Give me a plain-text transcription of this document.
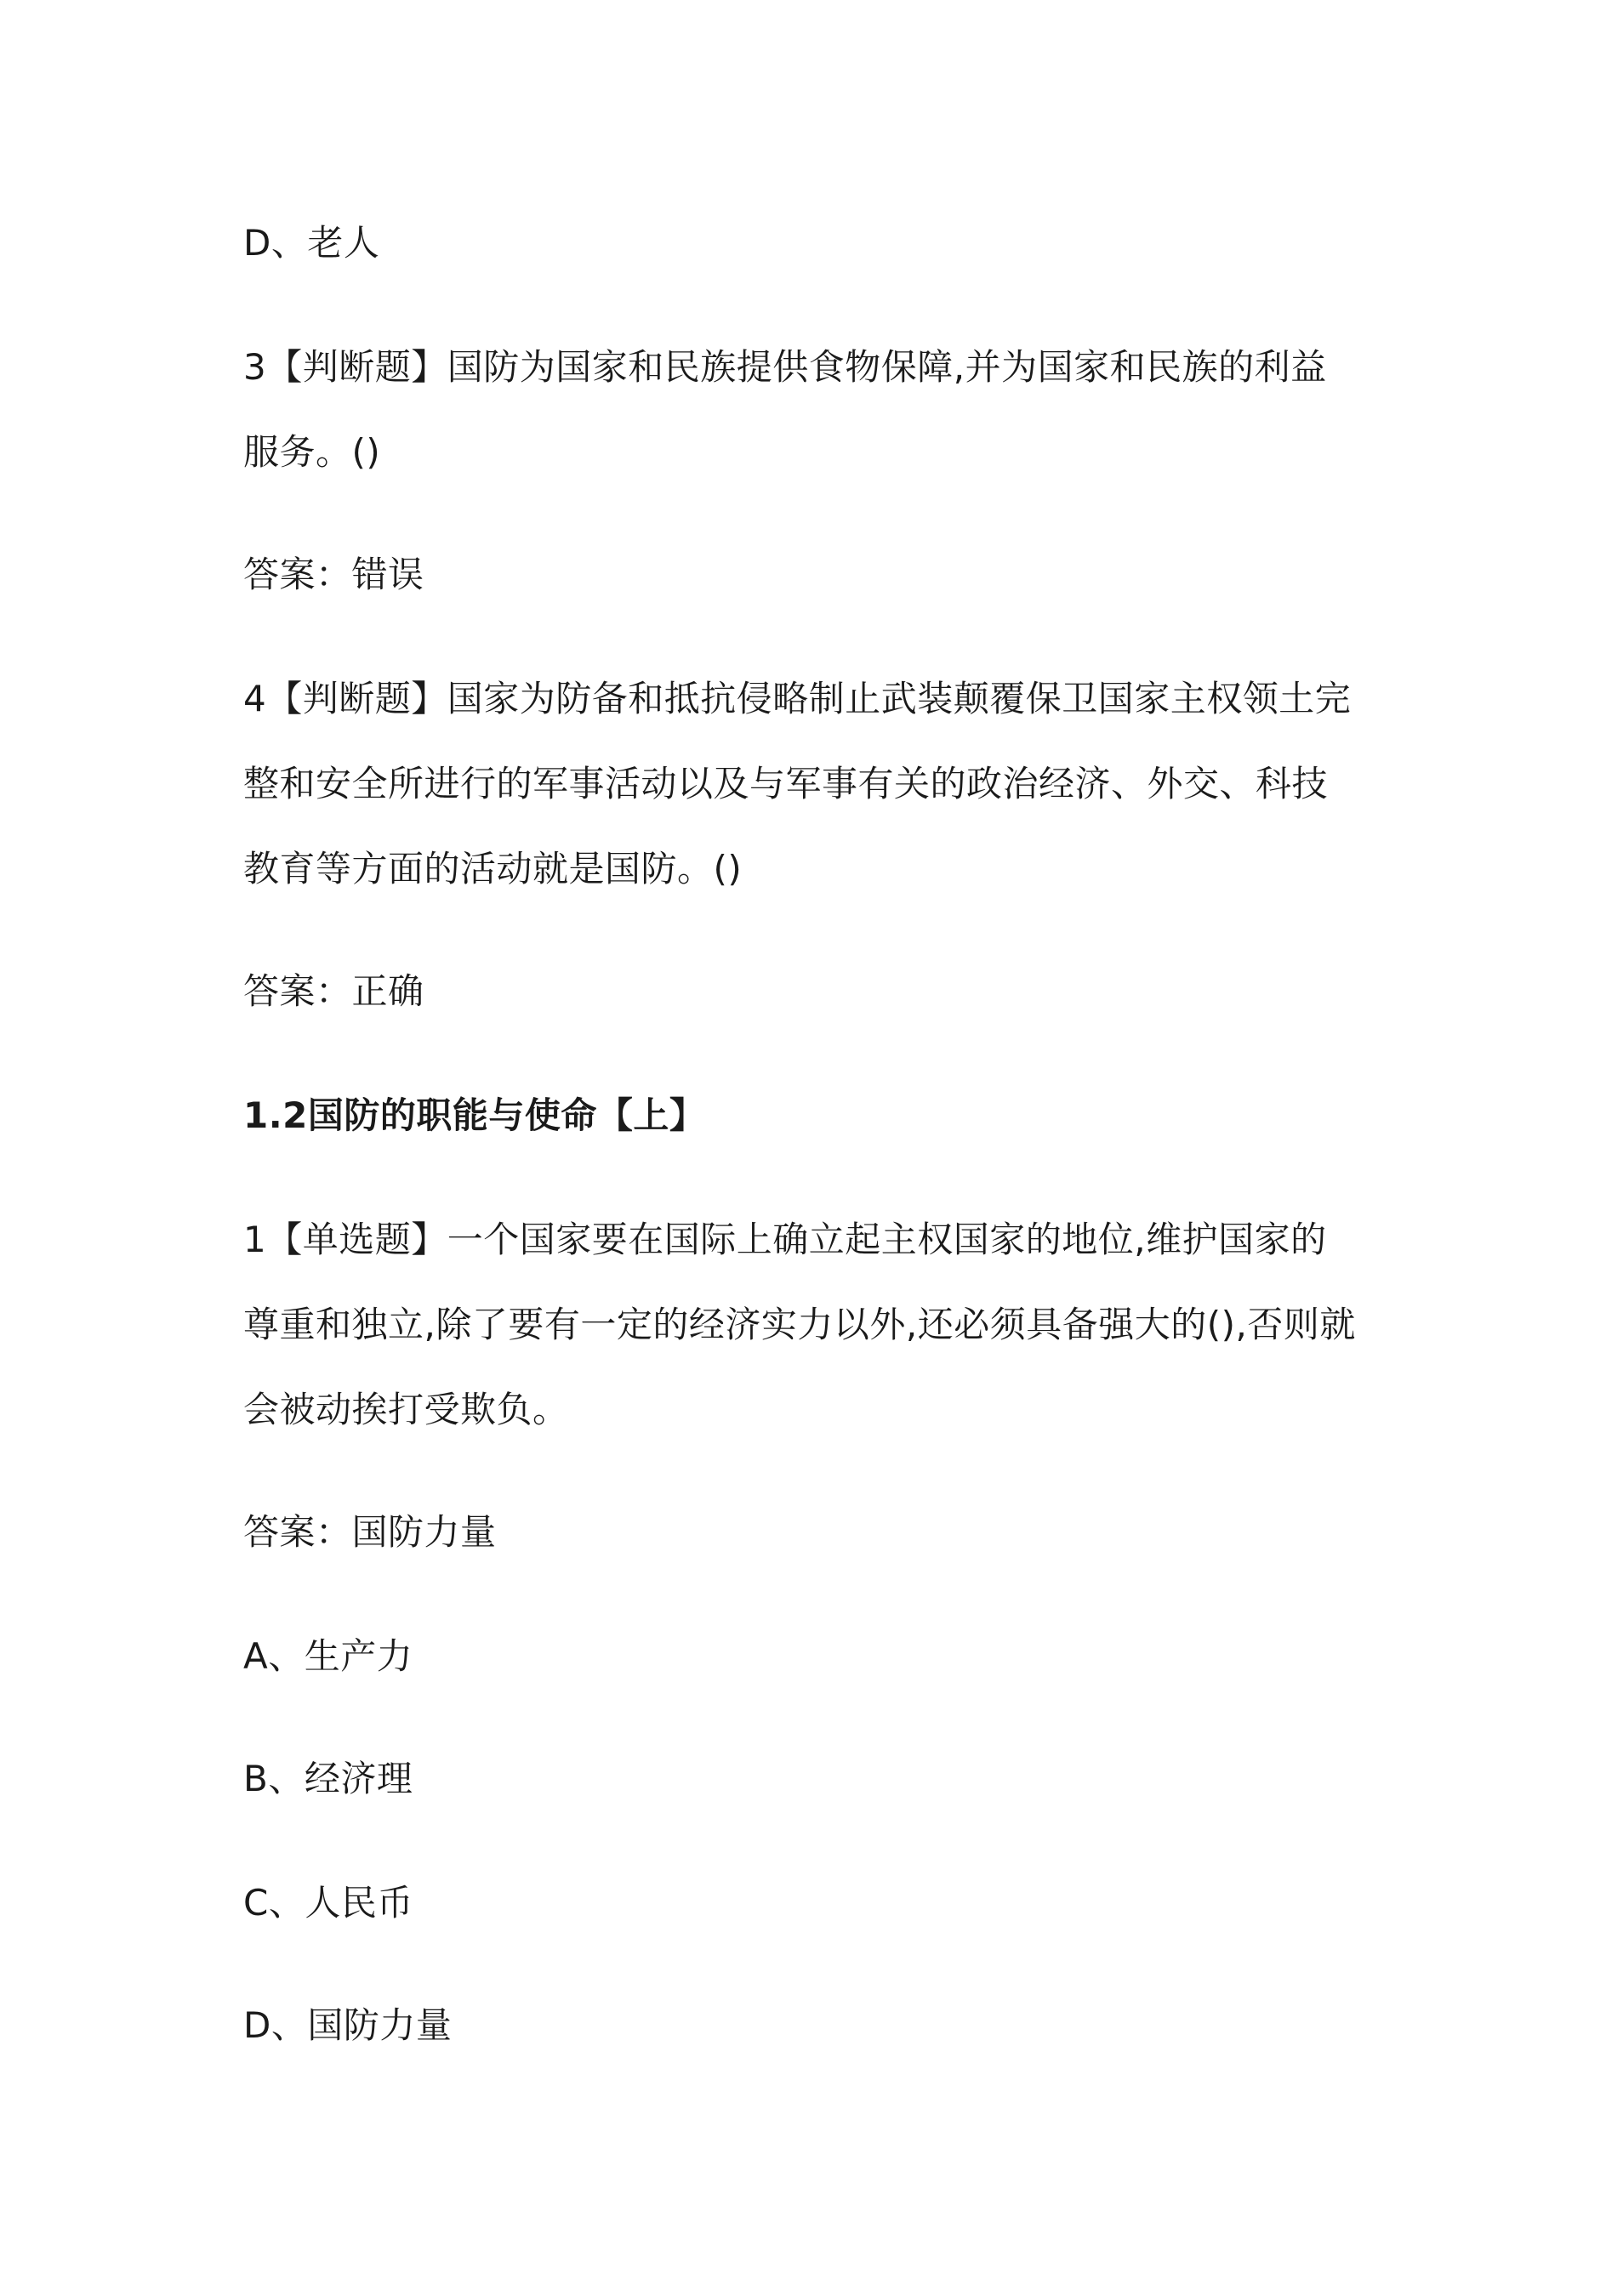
D、老人
3【判断题】国防为国家和民族提供食物保障,并为国家和民族的利益
服务。()
答案：错误
4【判断题】国家为防备和抵抗侵略制止武装颠覆保卫国家主权领土完
整和安全所进行的军事活动以及与军事有关的政治经济、外交、科技
教育等方面的活动就是国防。()
答案：正确
1.2国防的职能与使命【上】
1【单选题】一个国家要在国际上确立起主权国家的地位,维护国家的
尊重和独立,除了要有一定的经济实力以外,还必须具备强大的(),否则就
会被动挨打受欺负。
答案：国防力量
A、生产力
B、经济理
C、人民币
D、国防力量
